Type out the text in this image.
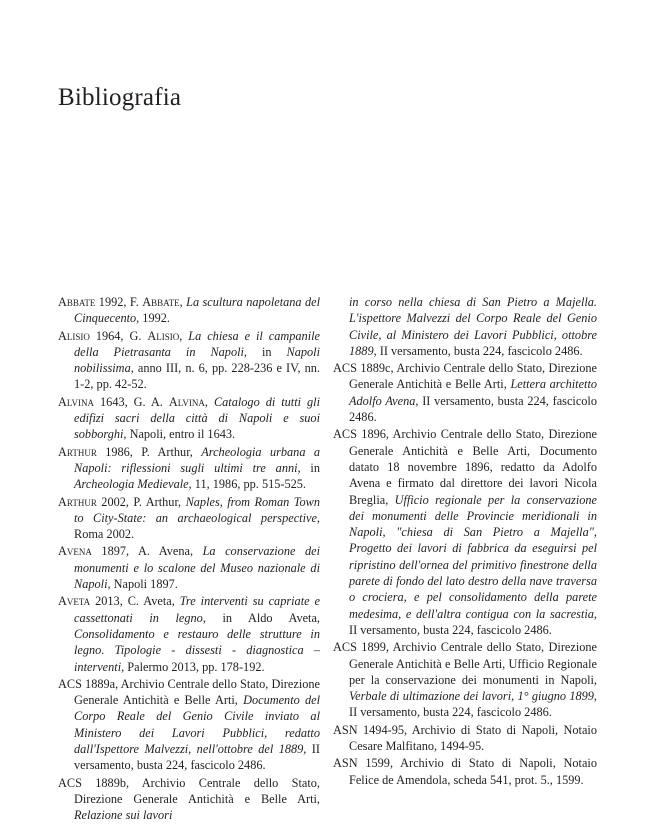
Bibliografia

Abbate 1992, F. Abbate, La scultura napoletana del Cinquecento, 1992.

Alisio 1964, G. Alisio, La chiesa e il campanile della Pietrasanta in Napoli, in Napoli nobilissima, anno III, n. 6, pp. 228-236 e IV, nn. 1-2, pp. 42-52.

Alvina 1643, G. A. Alvina, Catalogo di tutti gli edifizi sacri della città di Napoli e suoi sobborghi, Napoli, entro il 1643.

Arthur 1986, P. Arthur, Archeologia urbana a Napoli: riflessioni sugli ultimi tre anni, in Archeologia Medievale, 11, 1986, pp. 515-525.

Arthur 2002, P. Arthur, Naples, from Roman Town to City-State: an archaeological perspective, Roma 2002.

Avena 1897, A. Avena, La conservazione dei monumenti e lo scalone del Museo nazionale di Napoli, Napoli 1897.

Aveta 2013, C. Aveta, Tre interventi su capriate e cassettonati in legno, in Aldo Aveta, Consolidamento e restauro delle strutture in legno. Tipologie - dissesti - diagnostica – interventi, Palermo 2013, pp. 178-192.

ACS 1889a, Archivio Centrale dello Stato, Direzione Generale Antichità e Belle Arti, Documento del Corpo Reale del Genio Civile inviato al Ministero dei Lavori Pubblici, redatto dall'Ispettore Malvezzi, nell'ottobre del 1889, II versamento, busta 224, fascicolo 2486.

ACS 1889b, Archivio Centrale dello Stato, Direzione Generale Antichità e Belle Arti, Relazione sui lavori

in corso nella chiesa di San Pietro a Majella. L'ispettore Malvezzi del Corpo Reale del Genio Civile, al Ministero dei Lavori Pubblici, ottobre 1889, II versamento, busta 224, fascicolo 2486.

ACS 1889c, Archivio Centrale dello Stato, Direzione Generale Antichità e Belle Arti, Lettera architetto Adolfo Avena, II versamento, busta 224, fascicolo 2486.

ACS 1896, Archivio Centrale dello Stato, Direzione Generale Antichità e Belle Arti, Documento datato 18 novembre 1896, redatto da Adolfo Avena e firmato dal direttore dei lavori Nicola Breglia, Ufficio regionale per la conservazione dei monumenti delle Provincie meridionali in Napoli, "chiesa di San Pietro a Majella", Progetto dei lavori di fabbrica da eseguirsi pel ripristino dell'ornea del primitivo finestrone della parete di fondo del lato destro della nave traversa o crociera, e pel consolidamento della parete medesima, e dell'altra contigua con la sacrestia, II versamento, busta 224, fascicolo 2486.

ACS 1899, Archivio Centrale dello Stato, Direzione Generale Antichità e Belle Arti, Ufficio Regionale per la conservazione dei monumenti in Napoli, Verbale di ultimazione dei lavori, 1° giugno 1899, II versamento, busta 224, fascicolo 2486.

ASN 1494-95, Archivio di Stato di Napoli, Notaio Cesare Malfitano, 1494-95.

ASN 1599, Archivio di Stato di Napoli, Notaio Felice de Amendola, scheda 541, prot. 5., 1599.
